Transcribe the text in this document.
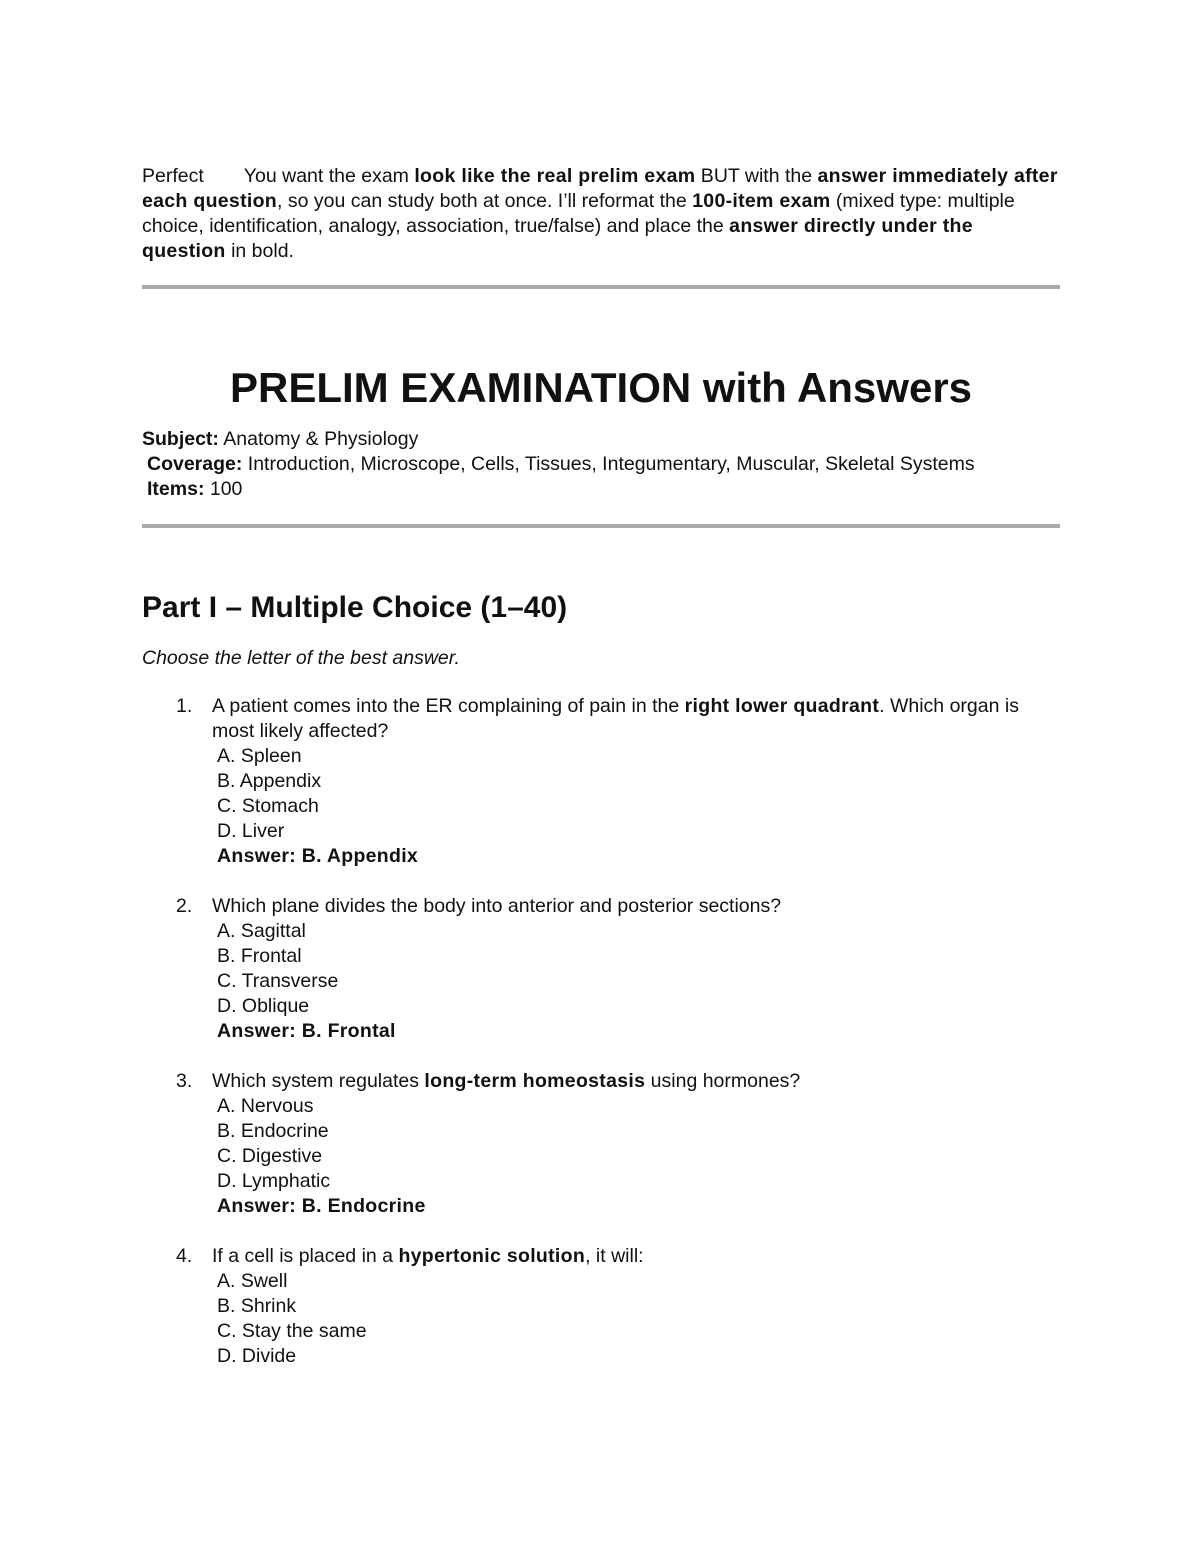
Perfect You want the exam look like the real prelim exam BUT with the answer immediately after each question, so you can study both at once. I’ll reformat the 100-item exam (mixed type: multiple choice, identification, analogy, association, true/false) and place the answer directly under the question in bold.

PRELIM EXAMINATION with Answers
Subject: Anatomy & Physiology
Coverage: Introduction, Microscope, Cells, Tissues, Integumentary, Muscular, Skeletal Systems
Items: 100
Part I – Multiple Choice (1–40)

Choose the letter of the best answer.

1. A patient comes into the ER complaining of pain in the right lower quadrant. Which organ is most likely affected?
A. Spleen
B. Appendix
C. Stomach
D. Liver
Answer: B. Appendix
2. Which plane divides the body into anterior and posterior sections?
A. Sagittal
B. Frontal
C. Transverse
D. Oblique
Answer: B. Frontal
3. Which system regulates long-term homeostasis using hormones?
A. Nervous
B. Endocrine
C. Digestive
D. Lymphatic
Answer: B. Endocrine
4. If a cell is placed in a hypertonic solution, it will:
A. Swell
B. Shrink
C. Stay the same
D. Divide
